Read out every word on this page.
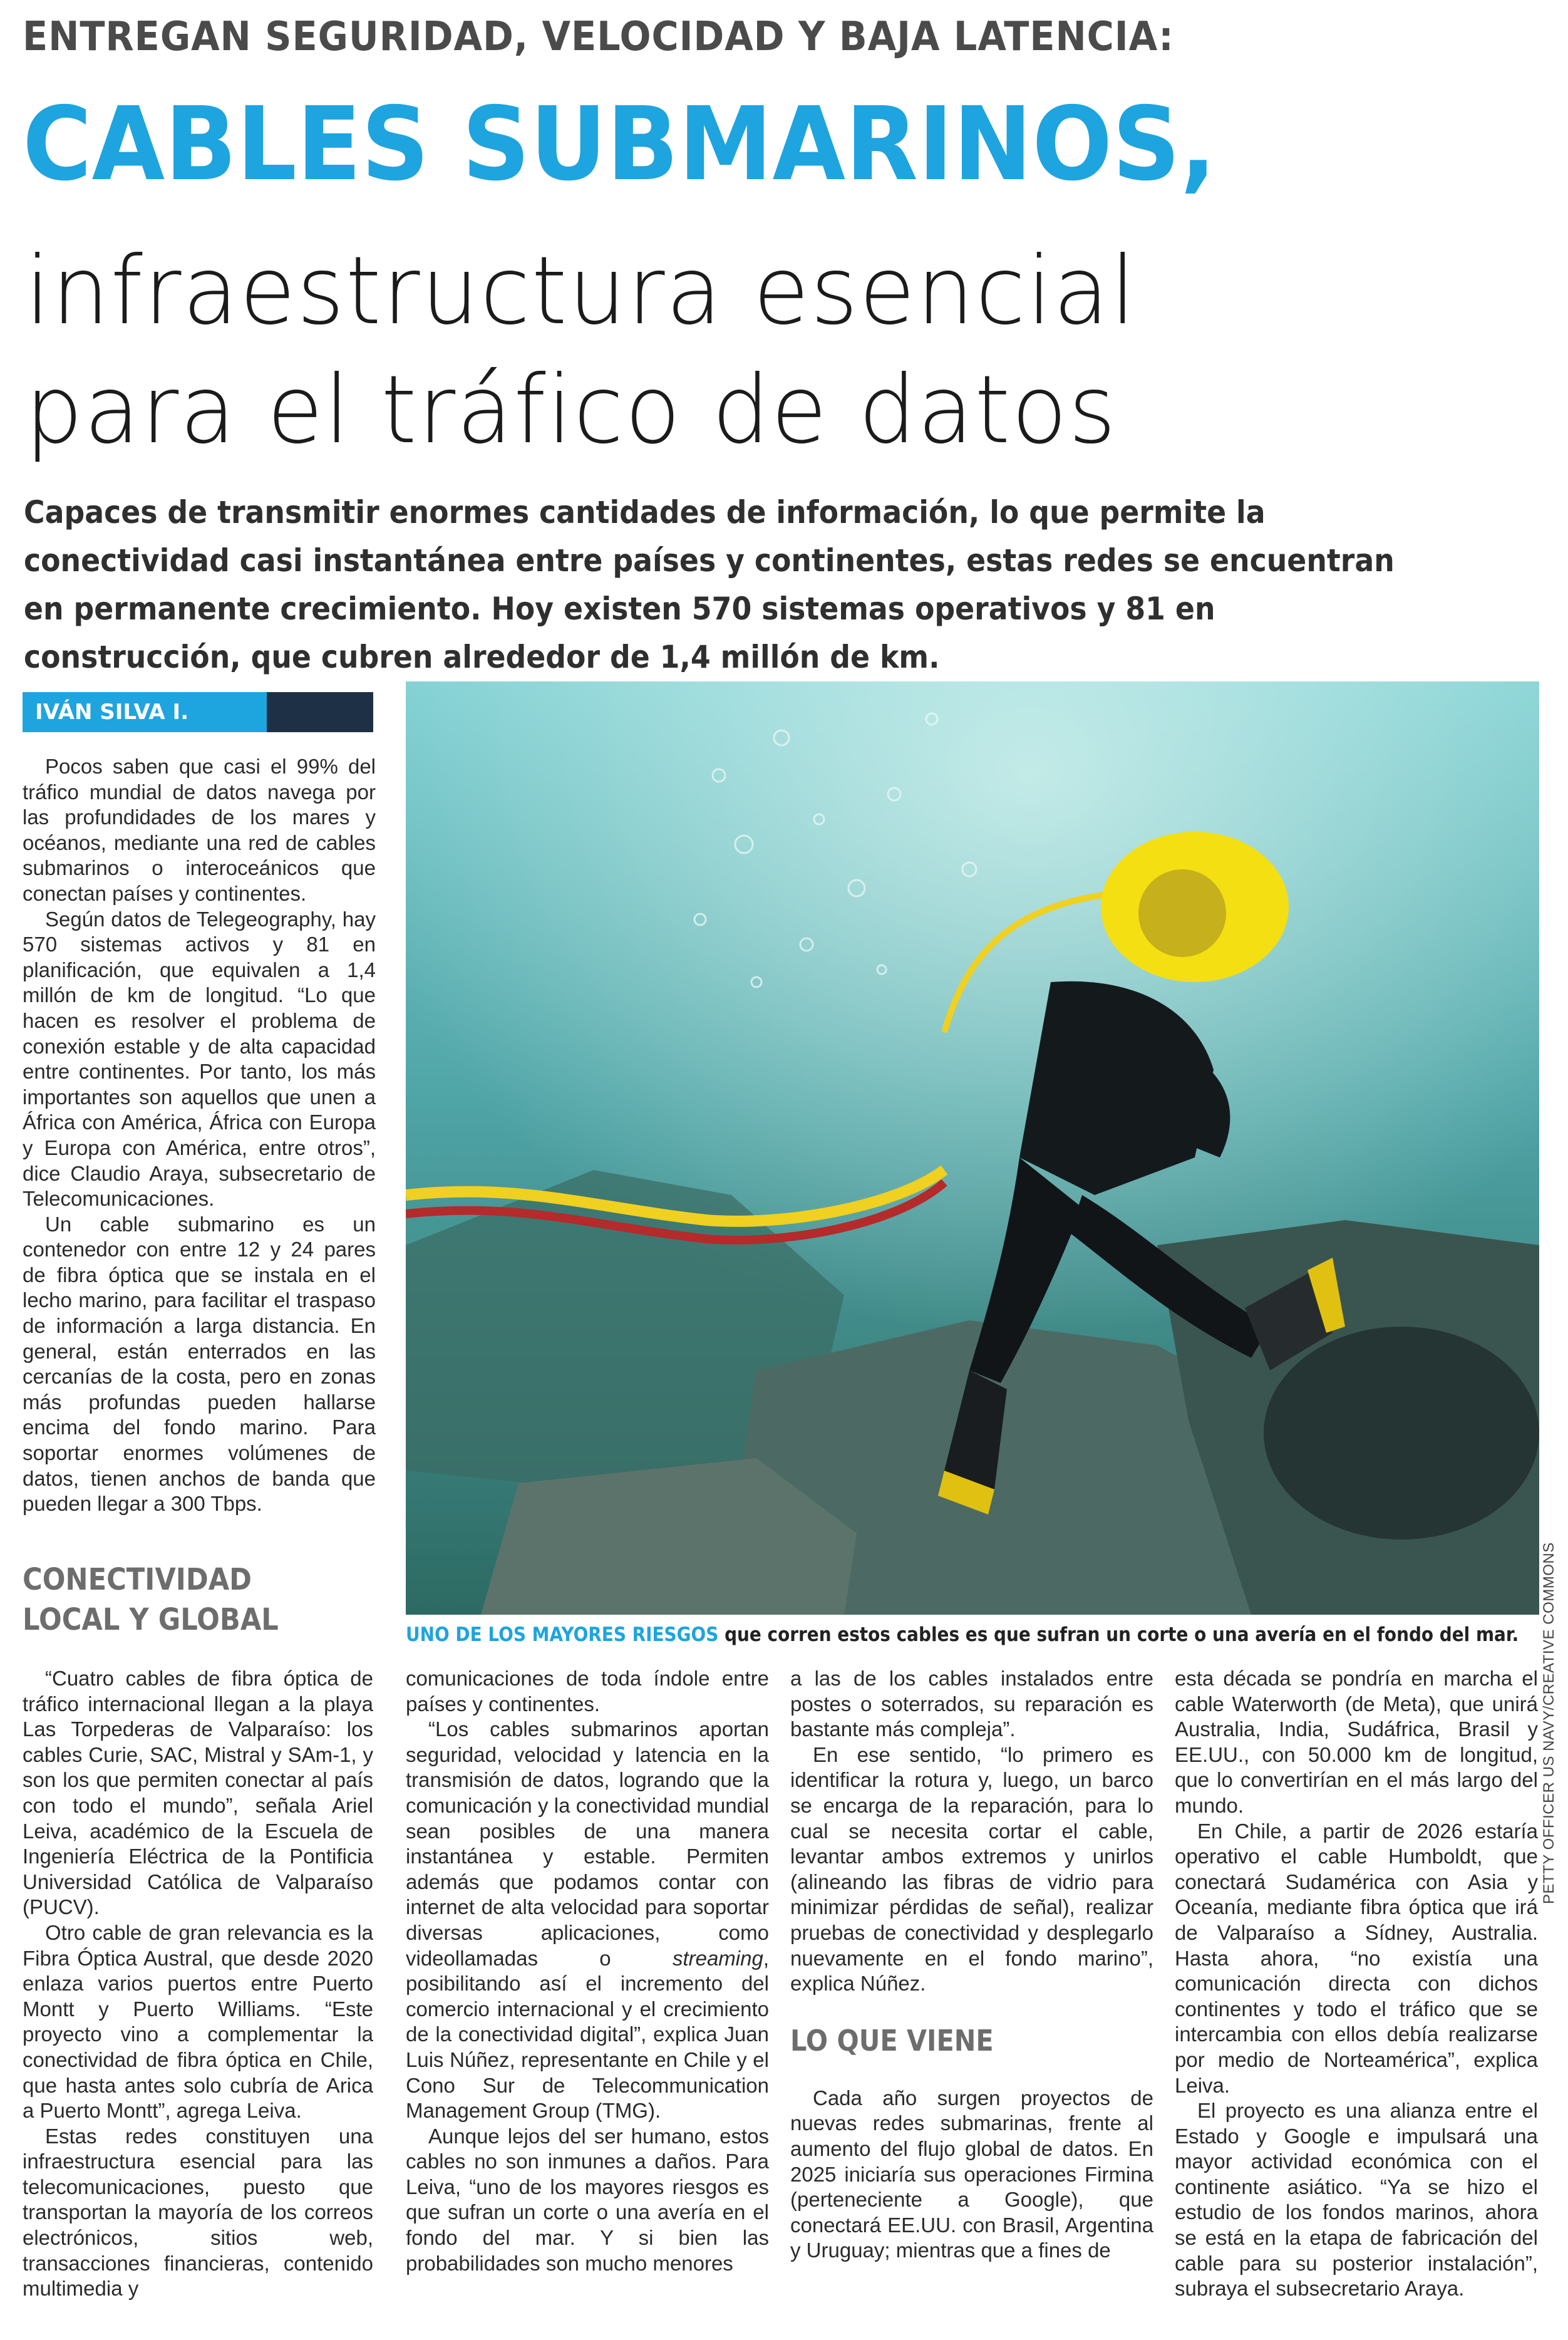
ENTREGAN SEGURIDAD, VELOCIDAD Y BAJA LATENCIA:
CABLES SUBMARINOS,
infraestructura esencial
para el tráfico de datos
Capaces de transmitir enormes cantidades de información, lo que permite la conectividad casi instantánea entre países y continentes, estas redes se encuentran en permanente crecimiento. Hoy existen 570 sistemas operativos y 81 en construcción, que cubren alrededor de 1,4 millón de km.
IVÁN SILVA I.

Pocos saben que casi el 99% del tráfico mundial de datos navega por las profundidades de los mares y océanos, mediante una red de cables submarinos o interoceánicos que conectan países y continentes.

Según datos de Telegeography, hay 570 sistemas activos y 81 en planificación, que equivalen a 1,4 millón de km de longitud. “Lo que hacen es resolver el problema de conexión estable y de alta capacidad entre continentes. Por tanto, los más importantes son aquellos que unen a África con América, África con Europa y Europa con América, entre otros”, dice Claudio Araya, subsecretario de Telecomunicaciones.

Un cable submarino es un contenedor con entre 12 y 24 pares de fibra óptica que se instala en el lecho marino, para facilitar el traspaso de información a larga distancia. En general, están enterrados en las cercanías de la costa, pero en zonas más profundas pueden hallarse encima del fondo marino. Para soportar enormes volúmenes de datos, tienen anchos de banda que pueden llegar a 300 Tbps.

CONECTIVIDAD LOCAL Y GLOBAL	PETTY OFFICER US NAVY/CREATIVE COMMONS
UNO DE LOS MAYORES RIESGOS que corren estos cables es que sufran un corte o una avería en el fondo del mar.

“Cuatro cables de fibra óptica de tráfico internacional llegan a la playa Las Torpederas de Valparaíso: los cables Curie, SAC, Mistral y SAm-1, y son los que permiten conectar al país con todo el mundo”, señala Ariel Leiva, académico de la Escuela de Ingeniería Eléctrica de la Pontificia Universidad Católica de Valparaíso (PUCV).

Otro cable de gran relevancia es la Fibra Óptica Austral, que desde 2020 enlaza varios puertos entre Puerto Montt y Puerto Williams. “Este proyecto vino a complementar la conectividad de fibra óptica en Chile, que hasta antes solo cubría de Arica a Puerto Montt”, agrega Leiva.

Estas redes constituyen una infraestructura esencial para las telecomunicaciones, puesto que transportan la mayoría de los correos electrónicos, sitios web, transacciones financieras, contenido multimedia y

comunicaciones de toda índole entre países y continentes.

“Los cables submarinos aportan seguridad, velocidad y latencia en la transmisión de datos, logrando que la comunicación y la conectividad mundial sean posibles de una manera instantánea y estable. Permiten además que podamos contar con internet de alta velocidad para soportar diversas aplicaciones, como videollamadas o streaming, posibilitando así el incremento del comercio internacional y el crecimiento de la conectividad digital”, explica Juan Luis Núñez, representante en Chile y el Cono Sur de Telecommunication Management Group (TMG).

Aunque lejos del ser humano, estos cables no son inmunes a daños. Para Leiva, “uno de los mayores riesgos es que sufran un corte o una avería en el fondo del mar. Y si bien las probabilidades son mucho menores

a las de los cables instalados entre postes o soterrados, su reparación es bastante más compleja”.

En ese sentido, “lo primero es identificar la rotura y, luego, un barco se encarga de la reparación, para lo cual se necesita cortar el cable, levantar ambos extremos y unirlos (alineando las fibras de vidrio para minimizar pérdidas de señal), realizar pruebas de conectividad y desplegarlo nuevamente en el fondo marino”, explica Núñez.

LO QUE VIENE

Cada año surgen proyectos de nuevas redes submarinas, frente al aumento del flujo global de datos. En 2025 iniciaría sus operaciones Firmina (perteneciente a Google), que conectará EE.UU. con Brasil, Argentina y Uruguay; mientras que a fines de

esta década se pondría en marcha el cable Waterworth (de Meta), que unirá Australia, India, Sudáfrica, Brasil y EE.UU., con 50.000 km de longitud, que lo convertirían en el más largo del mundo.

En Chile, a partir de 2026 estaría operativo el cable Humboldt, que conectará Sudamérica con Asia y Oceanía, mediante fibra óptica que irá de Valparaíso a Sídney, Australia. Hasta ahora, “no existía una comunicación directa con dichos continentes y todo el tráfico que se intercambia con ellos debía realizarse por medio de Norteamérica”, explica Leiva.

El proyecto es una alianza entre el Estado y Google e impulsará una mayor actividad económica con el continente asiático. “Ya se hizo el estudio de los fondos marinos, ahora se está en la etapa de fabricación del cable para su posterior instalación”, subraya el subsecretario Araya.
